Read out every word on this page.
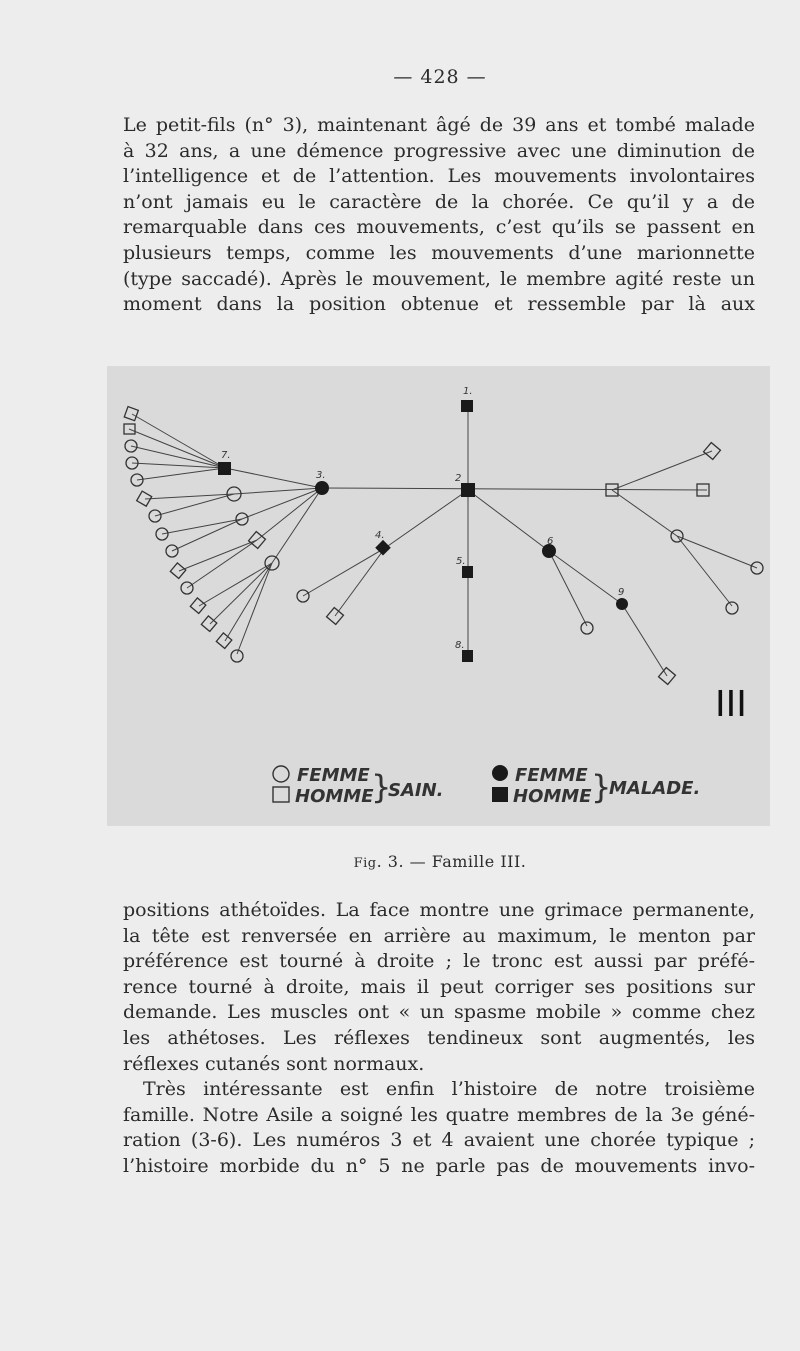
— 428 —

Le petit-fils (n° 3), maintenant âgé de 39 ans et tombé malade

à 32 ans, a une démence progressive avec une diminution de

l’intelligence et de l’attention. Les mouvements involontaires

n’ont jamais eu le caractère de la chorée. Ce qu’il y a de

remarquable dans ces mouvements, c’est qu’ils se passent en

plusieurs temps, comme les mouvements d’une marionnette

(type saccadé). Après le mouvement, le membre agité reste un

moment dans la position obtenue et ressemble par là aux

1.
2
3.
4.
5.
6
7.
8.
9
III
FEMME
HOMME
}
SAIN.
FEMME
HOMME }
MALADE.
Fig. 3. — Famille III.

positions athétoïdes. La face montre une grimace permanente,

la tête est renversée en arrière au maximum, le menton par

préférence est tourné à droite ; le tronc est aussi par préfé-

rence tourné à droite, mais il peut corriger ses positions sur

demande. Les muscles ont « un spasme mobile » comme chez

les athétoses. Les réflexes tendineux sont augmentés, les

réflexes cutanés sont normaux.

Très intéressante est enfin l’histoire de notre troisième

famille. Notre Asile a soigné les quatre membres de la 3e géné-

ration (3-6). Les numéros 3 et 4 avaient une chorée typique ;

l’histoire morbide du n° 5 ne parle pas de mouvements invo-
